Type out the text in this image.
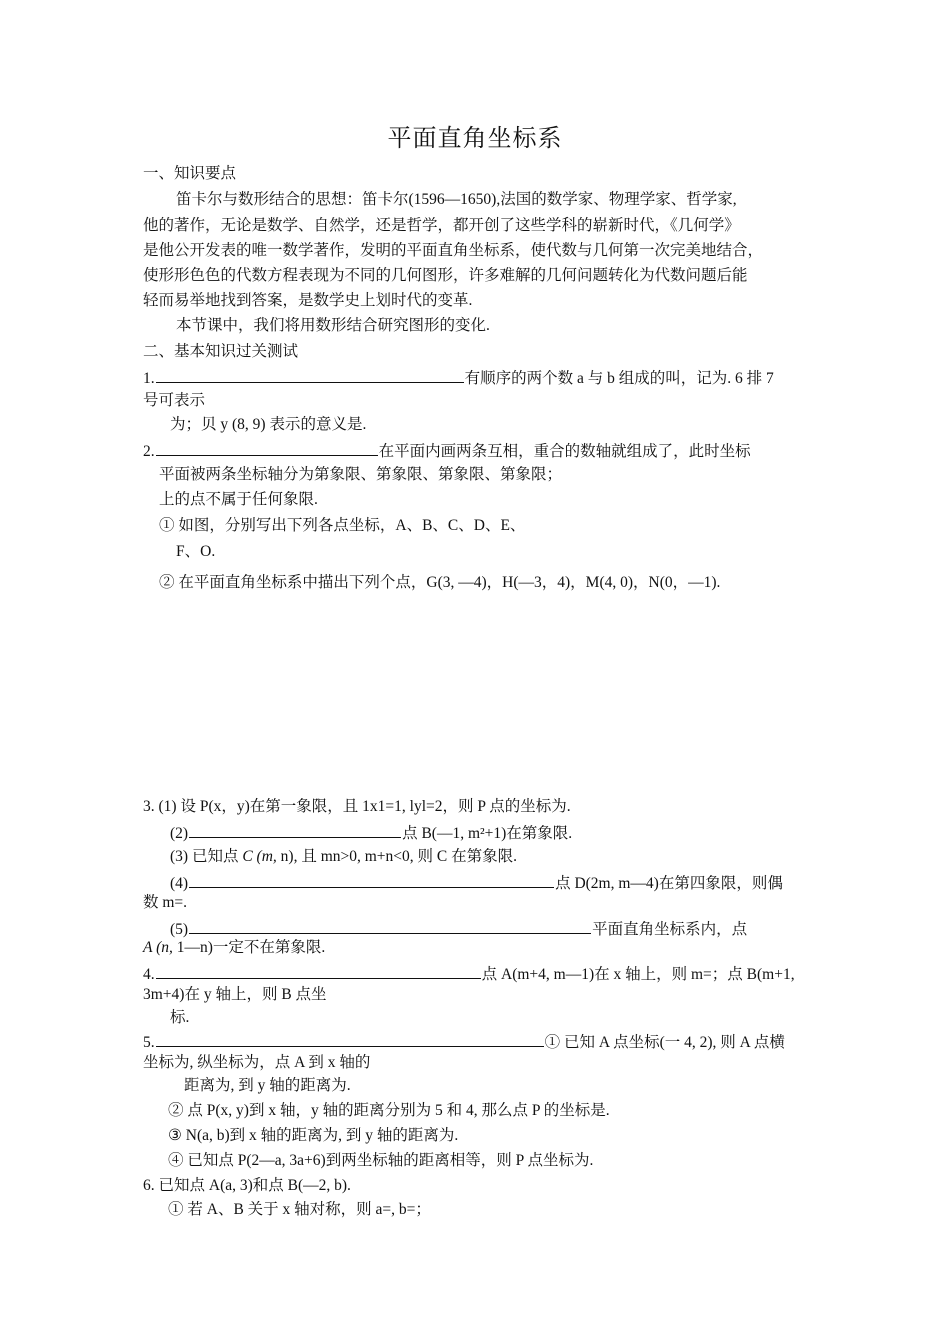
平面直角坐标系
一、知识要点
笛卡尔与数形结合的思想：笛卡尔(1596—1650),法国的数学家、物理学家、哲学家,
他的著作，无论是数学、自然学，还是哲学，都开创了这些学科的崭新时代，《几何学》
是他公开发表的唯一数学著作，发明的平面直角坐标系，使代数与几何第一次完美地结合，
使形形色色的代数方程表现为不同的几何图形，许多难解的几何问题转化为代数问题后能
轻而易举地找到答案，是数学史上划时代的变革.
本节课中，我们将用数形结合研究图形的变化.
二、基本知识过关测试
1.	有顺序的两个数 a 与 b 组成的叫，记为. 6 排 7
号可表示
为；贝 y (8, 9) 表示的意义是.
2.	在平面内画两条互相，重合的数轴就组成了，此时坐标
平面被两条坐标轴分为第象限、第象限、第象限、第象限；
上的点不属于任何象限.
① 如图，分别写出下列各点坐标，A、B、C、D、E、
F、O.
② 在平面直角坐标系中描出下列个点，G(3, —4)，H(—3，4)，M(4, 0)，N(0，—1).
3. (1) 设 P(x，y)在第一象限，且 1x1=1, lyl=2，则 P 点的坐标为.
(2)	点 B(—1, m²+1)在第象限.
(3) 已知点 C (m, n), 且 mn>0, m+n<0, 则 C 在第象限.
(4)	点 D(2m, m—4)在第四象限，则偶
数 m=.
(5)	平面直角坐标系内，点
A (n, 1—n)一定不在第象限.
4.	点 A(m+4, m—1)在 x 轴上，则 m=；点 B(m+1,
3m+4)在 y 轴上，则 B 点坐
标.
5.	① 已知 A 点坐标(一 4, 2), 则 A 点横
坐标为, 纵坐标为，点 A 到 x 轴的
距离为, 到 y 轴的距离为.
② 点 P(x, y)到 x 轴，y 轴的距离分别为 5 和 4, 那么点 P 的坐标是.
③ N(a, b)到 x 轴的距离为, 到 y 轴的距离为.
④ 已知点 P(2—a, 3a+6)到两坐标轴的距离相等，则 P 点坐标为.
6. 已知点 A(a, 3)和点 B(—2, b).
① 若 A、B 关于 x 轴对称，则 a=, b=；
